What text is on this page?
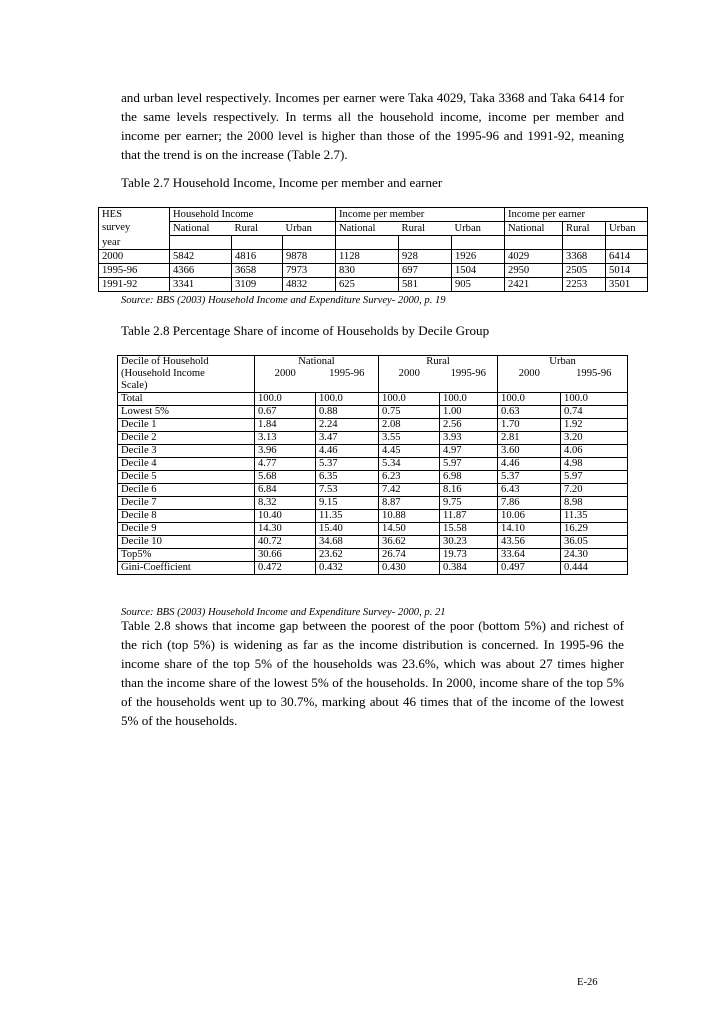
and urban level respectively. Incomes per earner were Taka 4029, Taka 3368 and Taka 6414 for the same levels respectively. In terms all the household income, income per member and income per earner; the 2000 level is higher than those of the 1995-96 and 1991-92, meaning that the trend is on the increase (Table 2.7).

Table 2.7 Household Income, Income per member and earner

HES
survey	Household Income			Income per member			Income per earner		
	National	Rural	Urban	National	Rural	Urban	National	Rural	Urban
year									
2000	5842	4816	9878	1128	928	1926	4029	3368	6414
1995-96	4366	3658	7973	830	697	1504	2950	2505	5014
1991-92	3341	3109	4832	625	581	905	2421	2253	3501

Source: BBS (2003) Household Income and Expenditure Survey- 2000, p. 19

Table 2.8 Percentage Share of income of Households by Decile Group

Decile of Household	National		Rural		Urban	
(Household Income	2000	1995-96	2000	1995-96	2000	1995-96
Scale)						
Total	100.0	100.0	100.0	100.0	100.0	100.0
Lowest 5%	0.67	0.88	0.75	1.00	0.63	0.74
Decile 1	1.84	2.24	2.08	2.56	1.70	1.92
Decile 2	3.13	3.47	3.55	3.93	2.81	3.20
Decile 3	3.96	4.46	4.45	4.97	3.60	4.06
Decile 4	4.77	5.37	5.34	5.97	4.46	4.98
Decile 5	5.68	6.35	6.23	6.98	5.37	5.97
Decile 6	6.84	7.53	7.42	8.16	6.43	7.20
Decile 7	8.32	9.15	8.87	9.75	7.86	8.98
Decile 8	10.40	11.35	10.88	11.87	10.06	11.35
Decile 9	14.30	15.40	14.50	15.58	14.10	16.29
Decile 10	40.72	34.68	36.62	30.23	43.56	36.05
Top5%	30.66	23.62	26.74	19.73	33.64	24.30
Gini-Coefficient	0.472	0.432	0.430	0.384	0.497	0.444

Source: BBS (2003) Household Income and Expenditure Survey- 2000, p. 21

Table 2.8 shows that income gap between the poorest of the poor (bottom 5%) and richest of the rich (top 5%) is widening as far as the income distribution is concerned. In 1995-96 the income share of the top 5% of the households was 23.6%, which was about 27 times higher than the income share of the lowest 5% of the households. In 2000, income share of the top 5% of the households went up to 30.7%, marking about 46 times that of the income of the lowest 5% of the households.

E-26
